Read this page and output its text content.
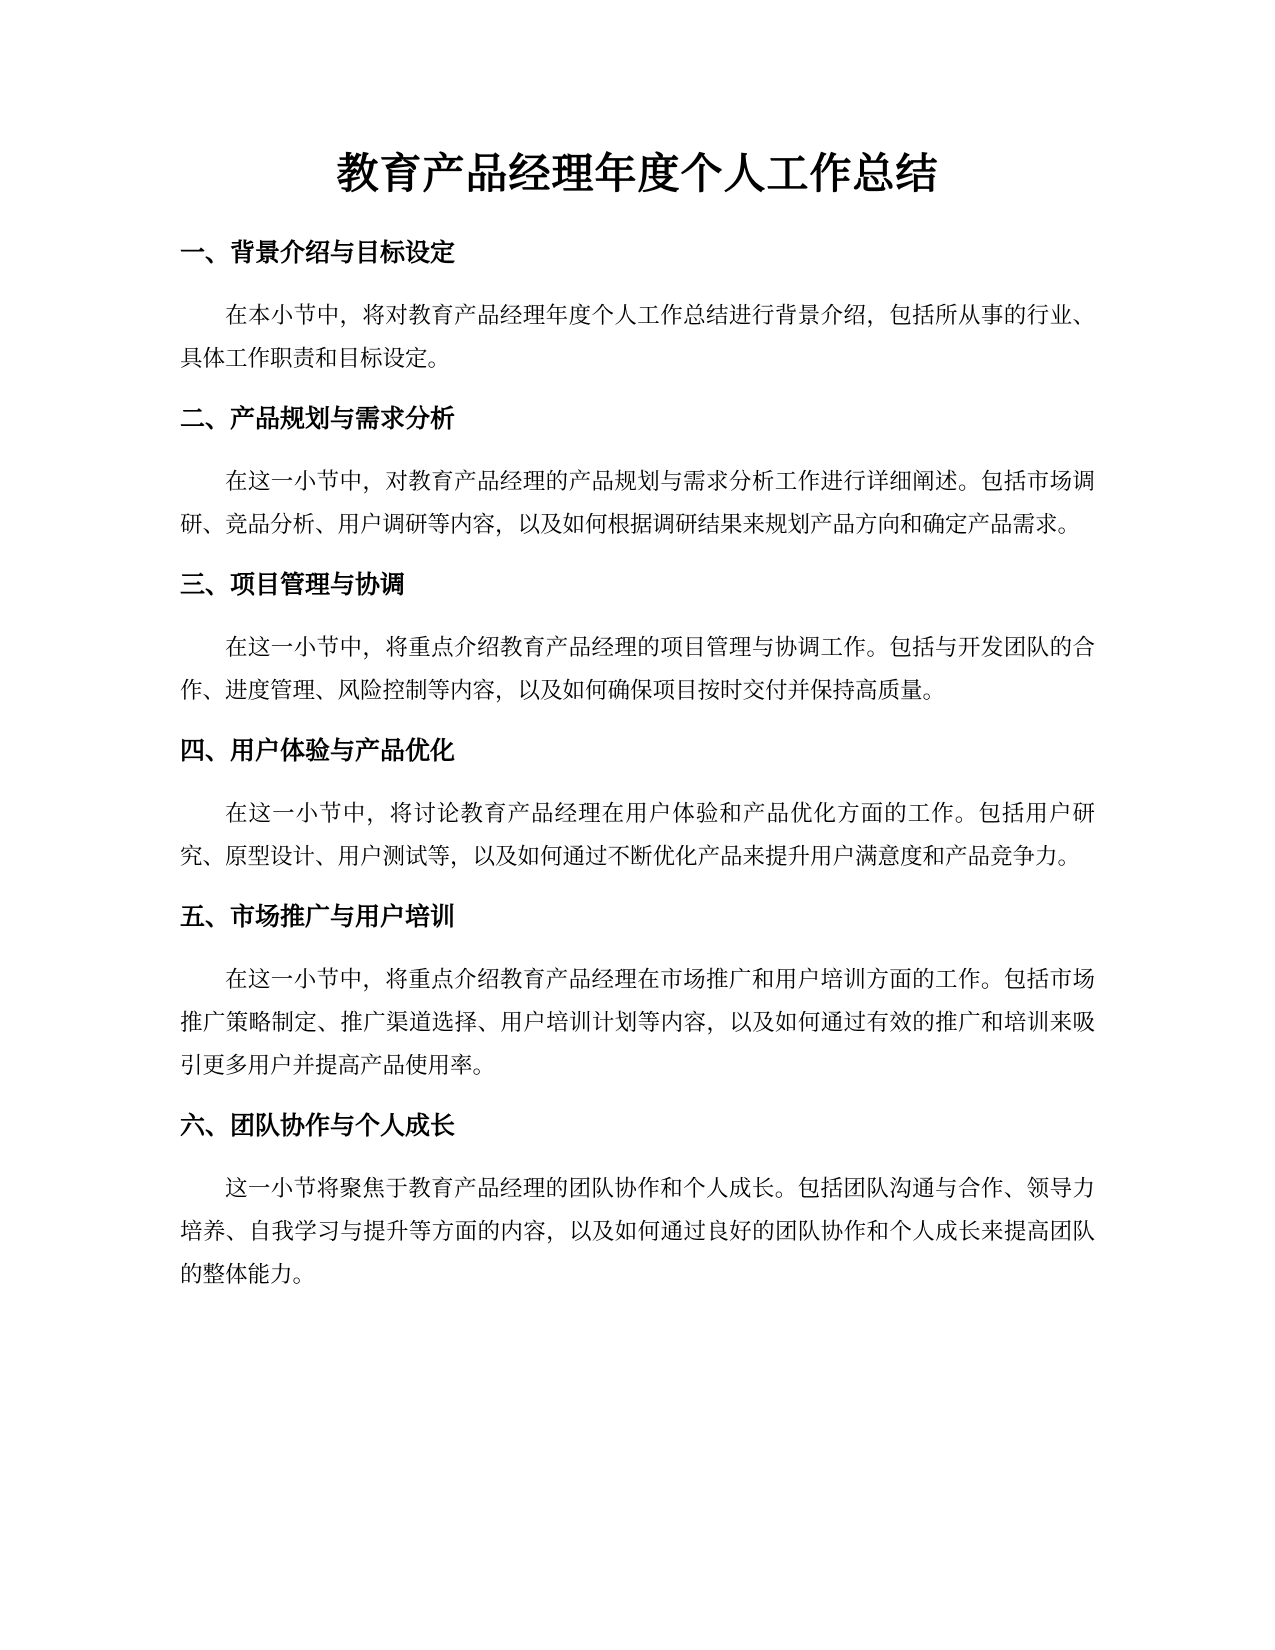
教育产品经理年度个人工作总结
一、背景介绍与目标设定

在本小节中，将对教育产品经理年度个人工作总结进行背景介绍，包括所从事的行业、具体工作职责和目标设定。

二、产品规划与需求分析

在这一小节中，对教育产品经理的产品规划与需求分析工作进行详细阐述。包括市场调研、竞品分析、用户调研等内容，以及如何根据调研结果来规划产品方向和确定产品需求。

三、项目管理与协调

在这一小节中，将重点介绍教育产品经理的项目管理与协调工作。包括与开发团队的合作、进度管理、风险控制等内容，以及如何确保项目按时交付并保持高质量。

四、用户体验与产品优化

在这一小节中，将讨论教育产品经理在用户体验和产品优化方面的工作。包括用户研究、原型设计、用户测试等，以及如何通过不断优化产品来提升用户满意度和产品竞争力。

五、市场推广与用户培训

在这一小节中，将重点介绍教育产品经理在市场推广和用户培训方面的工作。包括市场推广策略制定、推广渠道选择、用户培训计划等内容，以及如何通过有效的推广和培训来吸引更多用户并提高产品使用率。

六、团队协作与个人成长

这一小节将聚焦于教育产品经理的团队协作和个人成长。包括团队沟通与合作、领导力培养、自我学习与提升等方面的内容，以及如何通过良好的团队协作和个人成长来提高团队的整体能力。
